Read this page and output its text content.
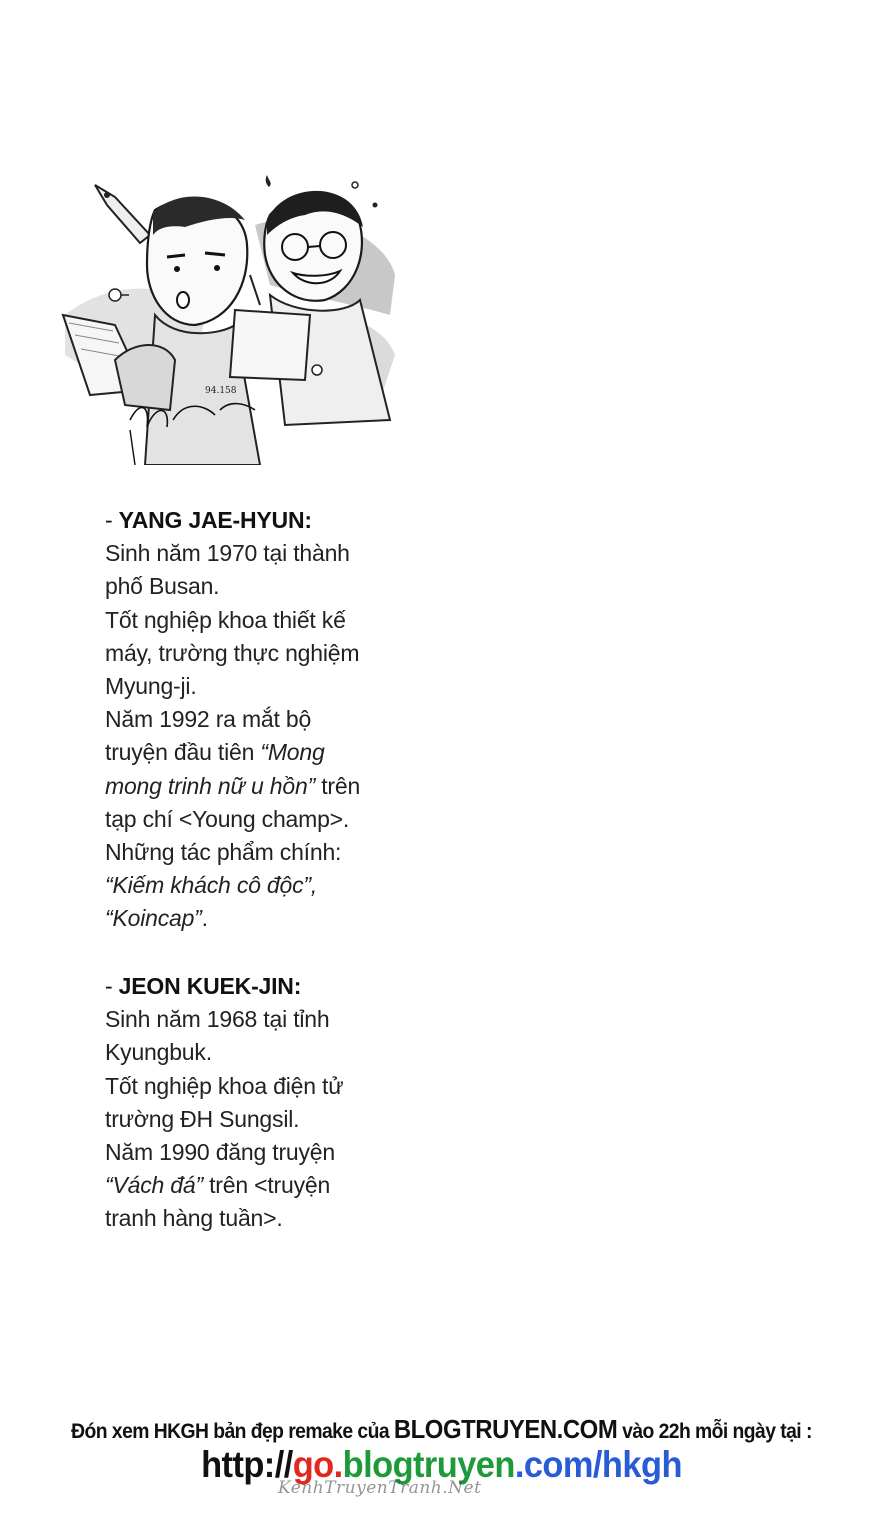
94.158

- YANG JAE-HYUN:

Sinh năm 1970 tại thành

phố Busan.

Tốt nghiệp khoa thiết kế

máy, trường thực nghiệm

Myung-ji.

Năm 1992 ra mắt bộ

truyện đầu tiên “Mong

mong trinh nữ u hồn” trên

tạp chí <Young champ>.

Những tác phẩm chính:

“Kiếm khách cô độc”,

“Koincap”.

- JEON KUEK-JIN:

Sinh năm 1968 tại tỉnh

Kyungbuk.

Tốt nghiệp khoa điện tử

trường ĐH Sungsil.

Năm 1990 đăng truyện

“Vách đá” trên <truyện

tranh hàng tuần>.

Đón xem HKGH bản đẹp remake của BLOGTRUYEN.COM vào 22h mỗi ngày tại :
http://go.blogtruyen.com/hkgh
KenhTruyenTranh.Net
